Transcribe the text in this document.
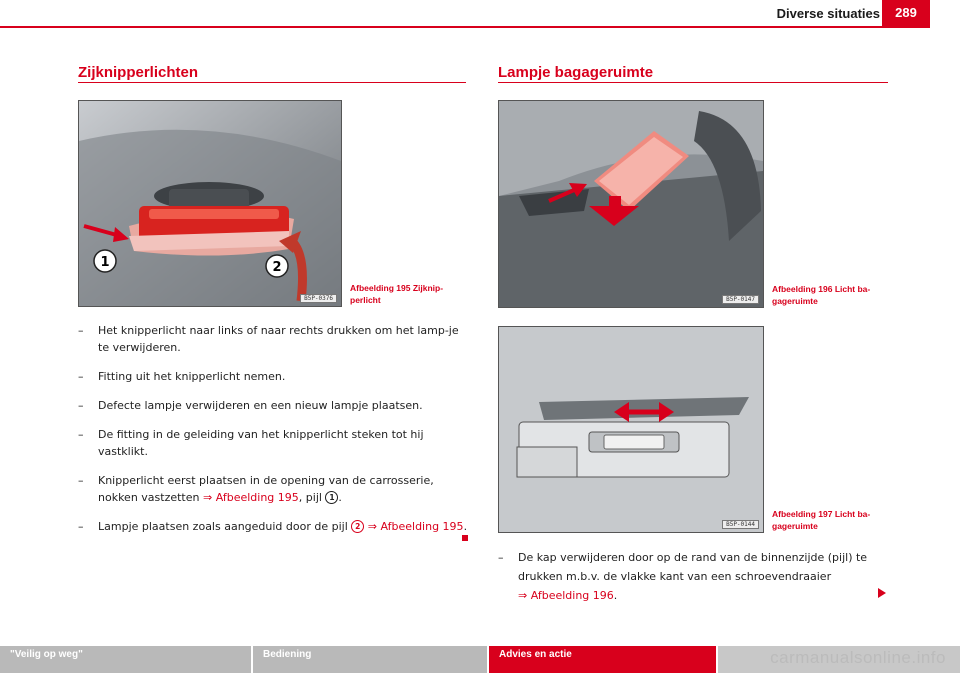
Diverse situaties	289
Zijknipperlichten
1	2
B5P-0376
Afbeelding 195 Zijknip-
perlicht
– Het knipperlicht naar links of naar rechts drukken om het lamp-je te verwijderen.
– Fitting uit het knipperlicht nemen.
– Defecte lampje verwijderen en een nieuw lampje plaatsen.
– De fitting in de geleiding van het knipperlicht steken tot hij vastklikt.
– Knipperlicht eerst plaatsen in de opening van de carrosserie, nokken vastzetten ⇒ Afbeelding 195, pijl 1 .
– Lampje plaatsen zoals aangeduid door de pijl 2 ⇒ Afbeelding 195.
Lampje bagageruimte
B5P-0147
Afbeelding 196 Licht ba-
gageruimte
B5P-0144
Afbeelding 197 Licht ba-
gageruimte
– De kap verwijderen door op de rand van de binnenzijde (pijl) te drukken m.b.v. de vlakke kant van een schroevendraaier ⇒ Afbeelding 196.
"Veilig op weg"	Bediening	Advies en actie	carmanualsonline.info
